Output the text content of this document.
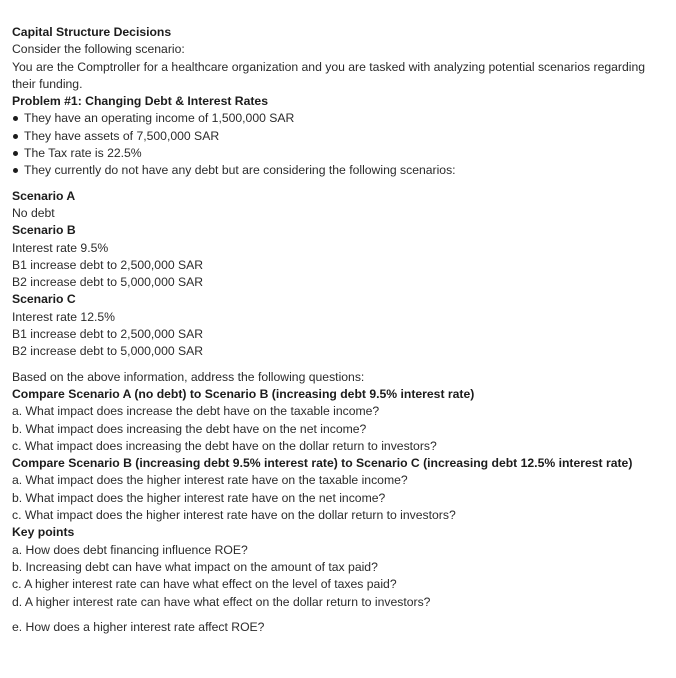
Capital Structure Decisions

Consider the following scenario:

You are the Comptroller for a healthcare organization and you are tasked with analyzing potential scenarios regarding their funding.

Problem #1: Changing Debt & Interest Rates

They have an operating income of 1,500,000 SAR
They have assets of 7,500,000 SAR
The Tax rate is 22.5%
They currently do not have any debt but are considering the following scenarios:

Scenario A

No debt

Scenario B

Interest rate 9.5%

B1 increase debt to 2,500,000 SAR

B2 increase debt to 5,000,000 SAR

Scenario C

Interest rate 12.5%

B1 increase debt to 2,500,000 SAR

B2 increase debt to 5,000,000 SAR

Based on the above information, address the following questions:

Compare Scenario A (no debt) to Scenario B (increasing debt 9.5% interest rate)

a. What impact does increase the debt have on the taxable income?

b. What impact does increasing the debt have on the net income?

c. What impact does increasing the debt have on the dollar return to investors?

Compare Scenario B (increasing debt 9.5% interest rate) to Scenario C (increasing debt 12.5% interest rate)

a. What impact does the higher interest rate have on the taxable income?

b. What impact does the higher interest rate have on the net income?

c. What impact does the higher interest rate have on the dollar return to investors?

Key points

a. How does debt financing influence ROE?

b. Increasing debt can have what impact on the amount of tax paid?

c. A higher interest rate can have what effect on the level of taxes paid?

d. A higher interest rate can have what effect on the dollar return to investors?

e. How does a higher interest rate affect ROE?
